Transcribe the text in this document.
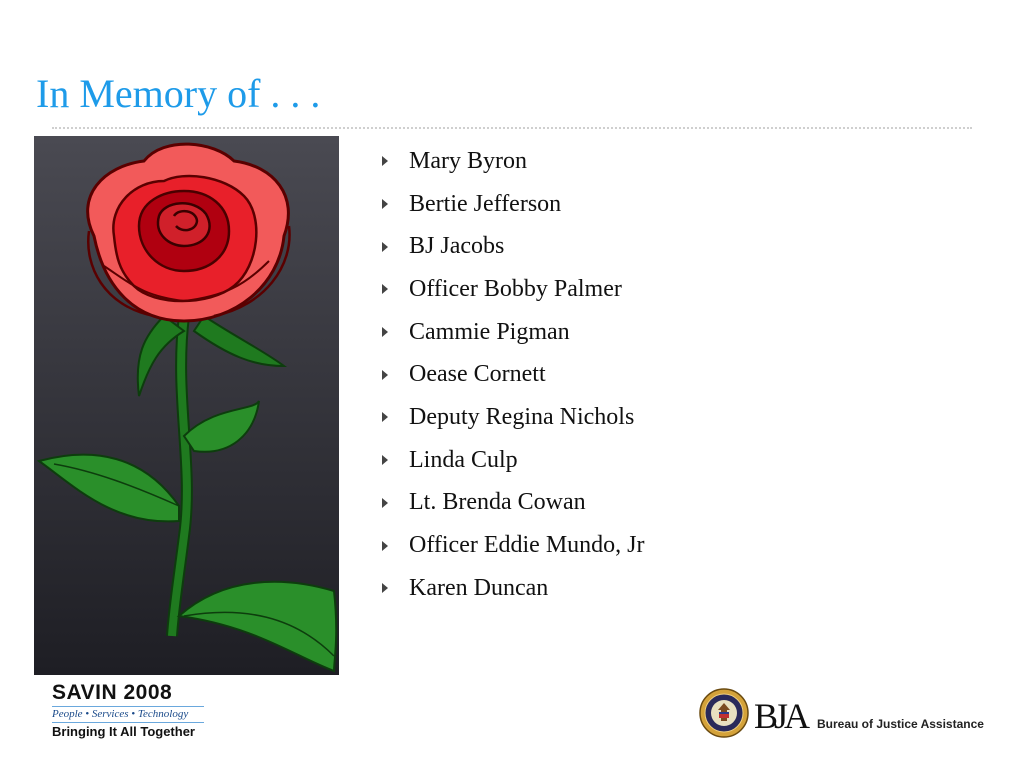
In Memory of . . .
Mary Byron
Bertie Jefferson
BJ Jacobs
Officer Bobby Palmer
Cammie Pigman
Oease Cornett
Deputy Regina Nichols
Linda Culp
Lt. Brenda Cowan
Officer Eddie Mundo, Jr
Karen Duncan
SAVIN 2008
People • Services • Technology
Bringing It All Together	BJA Bureau of Justice Assistance
